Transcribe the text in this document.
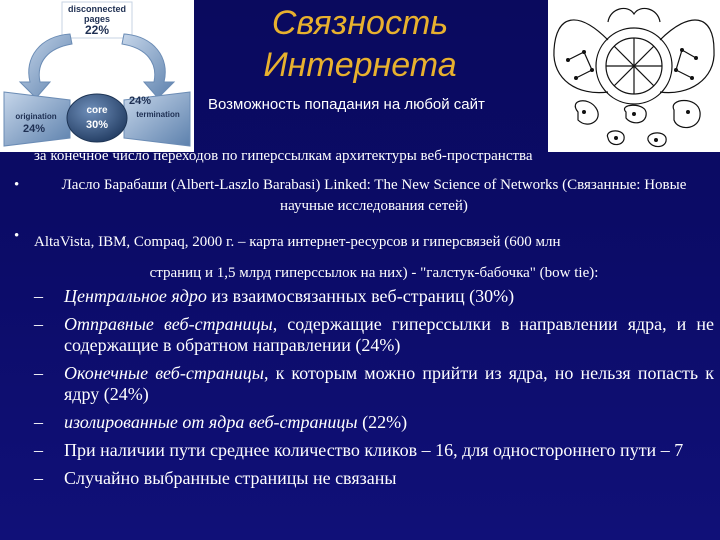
disconnected
pages
22%
origination
24%
core
30%
24%
termination
Связность
Интернета
Возможность попадания на любой сайт
за конечное число переходов по гиперссылкам архитектуры веб-пространства
•	Ласло Барабаши (Albert-Laszlo Barabasi) Linked: The New Science of Networks (Связанные: Новые научные исследования сетей)
• AltaVista, IBM, Compaq, 2000 г. – карта интернет-ресурсов и гиперсвязей (600 млн
страниц и 1,5 млрд гиперссылок на них) - "галстук-бабочка" (bow tie):
– Центральное ядро из взаимосвязанных веб-страниц (30%)
– Отправные веб-страницы, содержащие гиперссылки в направлении ядра, и не содержащие в обратном направлении (24%)
– Оконечные веб-страницы, к которым можно прийти из ядра, но нельзя попасть к ядру (24%)
– изолированные от ядра веб-страницы (22%)
– При наличии пути среднее количество кликов – 16, для одностороннего пути – 7
– Случайно выбранные страницы не связаны
